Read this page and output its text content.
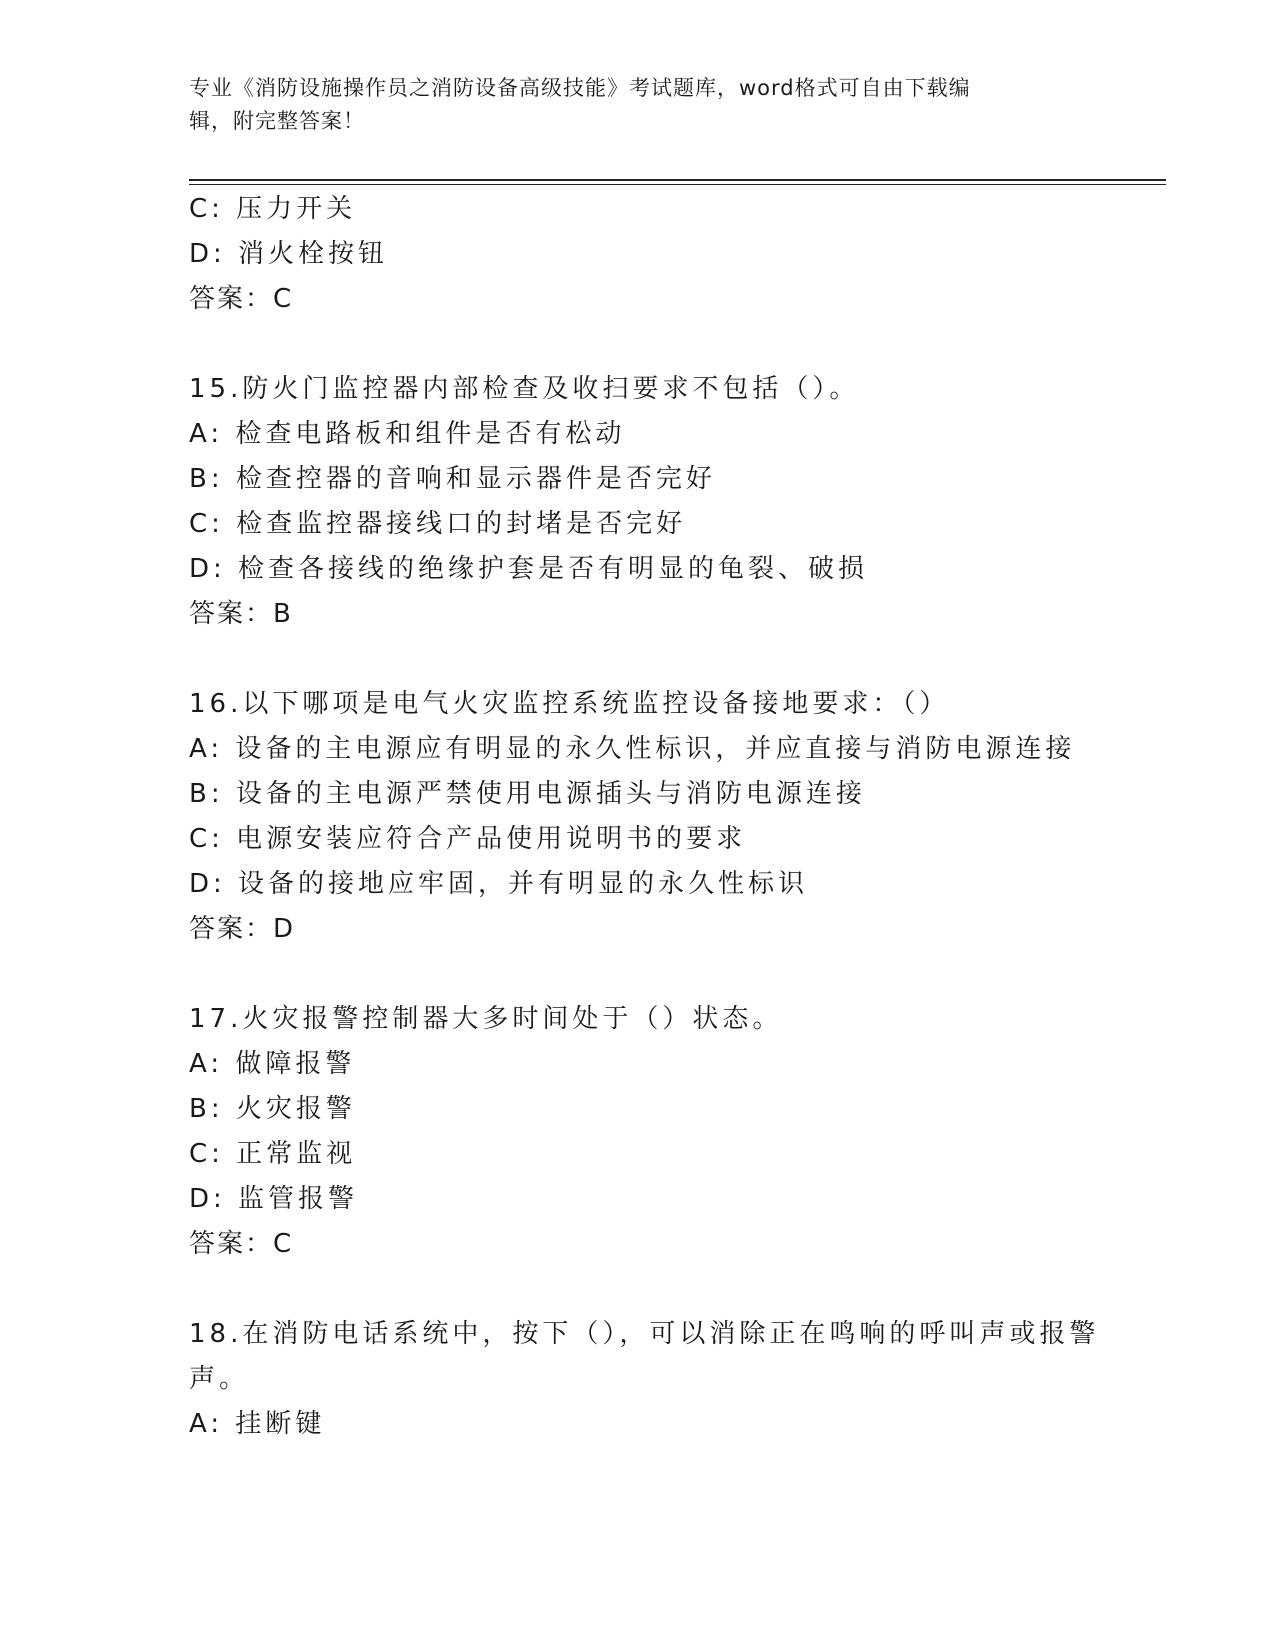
专业《消防设施操作员之消防设备高级技能》考试题库，word格式可自由下载编
辑，附完整答案！
C: 压力开关
D: 消火栓按钮
答案：C
15.防火门监控器内部检查及收扫要求不包括（）。
A: 检查电路板和组件是否有松动
B: 检查控器的音响和显示器件是否完好
C: 检查监控器接线口的封堵是否完好
D: 检查各接线的绝缘护套是否有明显的龟裂、破损
答案：B
16.以下哪项是电气火灾监控系统监控设备接地要求：（）
A: 设备的主电源应有明显的永久性标识，并应直接与消防电源连接
B: 设备的主电源严禁使用电源插头与消防电源连接
C: 电源安装应符合产品使用说明书的要求
D: 设备的接地应牢固，并有明显的永久性标识
答案：D
17.火灾报警控制器大多时间处于（）状态。
A: 做障报警
B: 火灾报警
C: 正常监视
D: 监管报警
答案：C
18.在消防电话系统中，按下（），可以消除正在鸣响的呼叫声或报警
声。
A: 挂断键
